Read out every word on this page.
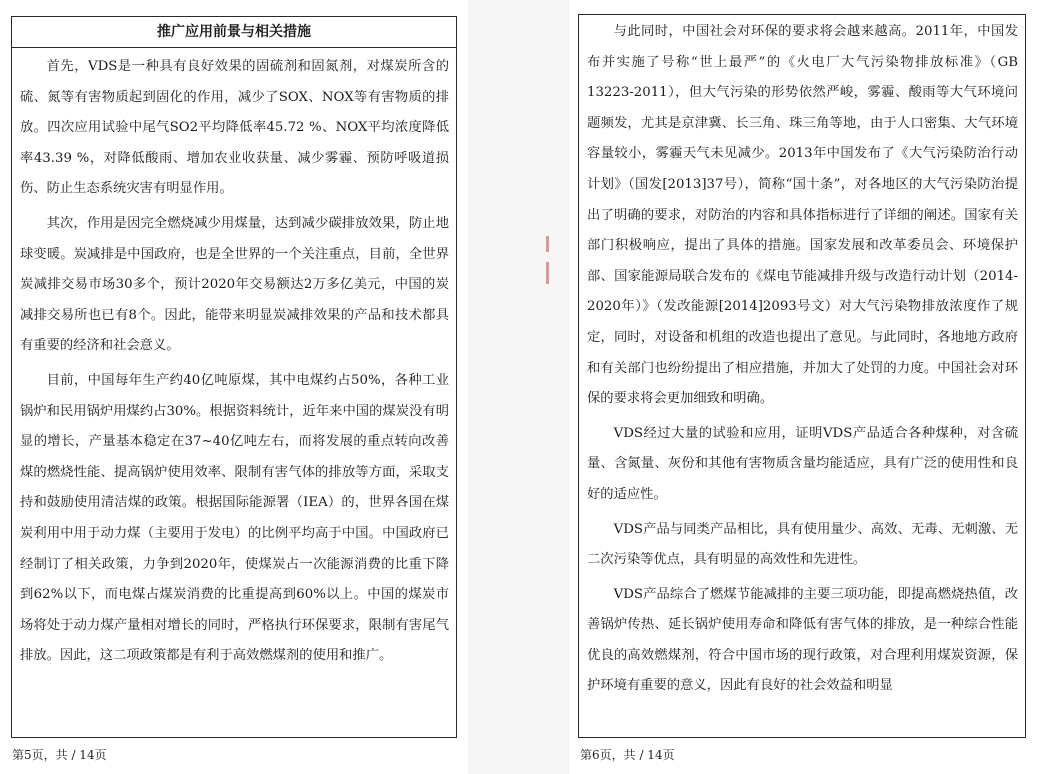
推广应用前景与相关措施

首先，VDS是一种具有良好效果的固硫剂和固氮剂，对煤炭所含的硫、氮等有害物质起到固化的作用，减少了SOX、NOX等有害物质的排放。四次应用试验中尾气SO2平均降低率45.72 %、NOX平均浓度降低率43.39 %，对降低酸雨、增加农业收获量、减少雾霾、预防呼吸道损伤、防止生态系统灾害有明显作用。

其次，作用是因完全燃烧减少用煤量，达到减少碳排放效果，防止地球变暖。炭减排是中国政府，也是全世界的一个关注重点，目前，全世界炭减排交易市场30多个，预计2020年交易额达2万多亿美元，中国的炭减排交易所也已有8个。因此，能带来明显炭减排效果的产品和技术都具有重要的经济和社会意义。

目前，中国每年生产约40亿吨原煤，其中电煤约占50%，各种工业锅炉和民用锅炉用煤约占30%。根据资料统计，近年来中国的煤炭没有明显的增长，产量基本稳定在37~40亿吨左右，而将发展的重点转向改善煤的燃烧性能、提高锅炉使用效率、限制有害气体的排放等方面，采取支持和鼓励使用清洁煤的政策。根据国际能源署（IEA）的，世界各国在煤炭利用中用于动力煤（主要用于发电）的比例平均高于中国。中国政府已经制订了相关政策，力争到2020年，使煤炭占一次能源消费的比重下降到62%以下，而电煤占煤炭消费的比重提高到60%以上。中国的煤炭市场将处于动力煤产量相对增长的同时，严格执行环保要求，限制有害尾气排放。因此，这二项政策都是有利于高效燃煤剂的使用和推广。

第5页，共 / 14页

与此同时，中国社会对环保的要求将会越来越高。2011年，中国发布并实施了号称“世上最严”的《火电厂大气污染物排放标准》（GB 13223-2011），但大气污染的形势依然严峻，雾霾、酸雨等大气环境问题频发，尤其是京津冀、长三角、珠三角等地，由于人口密集、大气环境容量较小，雾霾天气未见减少。2013年中国发布了《大气污染防治行动计划》（国发[2013]37号），简称“国十条”，对各地区的大气污染防治提出了明确的要求，对防治的内容和具体指标进行了详细的阐述。国家有关部门积极响应，提出了具体的措施。国家发展和改革委员会、环境保护部、国家能源局联合发布的《煤电节能减排升级与改造行动计划（2014-2020年）》（发改能源[2014]2093号文）对大气污染物排放浓度作了规定，同时，对设备和机组的改造也提出了意见。与此同时，各地地方政府和有关部门也纷纷提出了相应措施，并加大了处罚的力度。中国社会对环保的要求将会更加细致和明确。

VDS经过大量的试验和应用，证明VDS产品适合各种煤种，对含硫量、含氮量、灰份和其他有害物质含量均能适应，具有广泛的使用性和良好的适应性。

VDS产品与同类产品相比，具有使用量少、高效、无毒、无刺激、无二次污染等优点，具有明显的高效性和先进性。

VDS产品综合了燃煤节能减排的主要三项功能，即提高燃烧热值，改善锅炉传热、延长锅炉使用寿命和降低有害气体的排放，是一种综合性能优良的高效燃煤剂，符合中国市场的现行政策，对合理利用煤炭资源，保护环境有重要的意义，因此有良好的社会效益和明显

第6页，共 / 14页
